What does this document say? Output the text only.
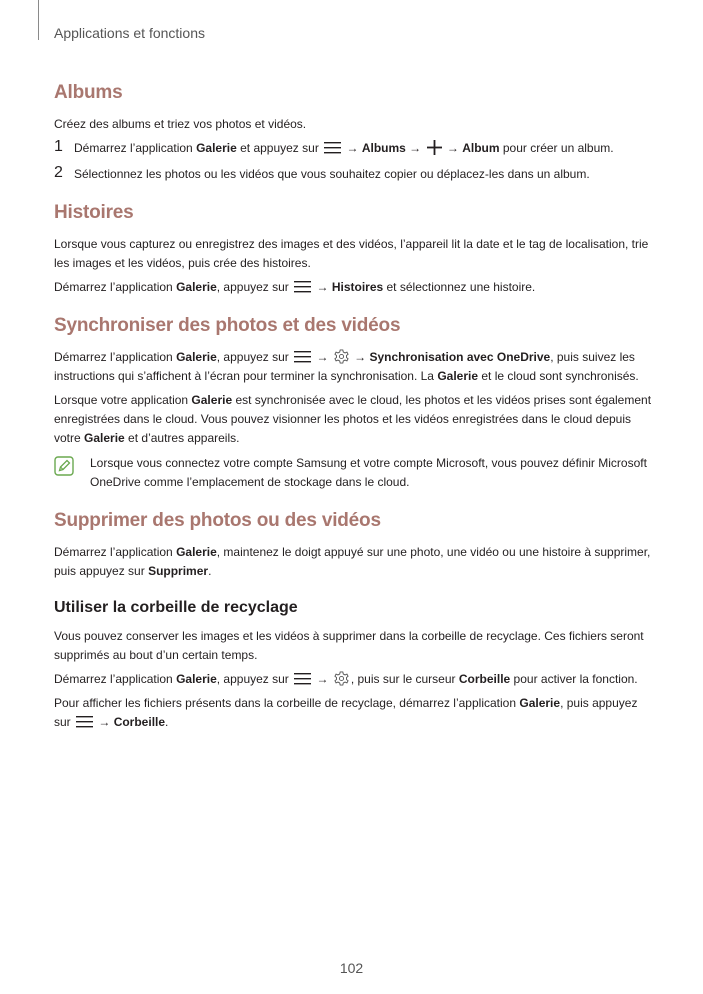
Applications et fonctions
Albums

Créez des albums et triez vos photos et vidéos.

1 Démarrez l’application Galerie et appuyez sur  → Albums →  → Album pour créer un album.
2 Sélectionnez les photos ou les vidéos que vous souhaitez copier ou déplacez-les dans un album.
Histoires

Lorsque vous capturez ou enregistrez des images et des vidéos, l’appareil lit la date et le tag de localisation, trie les images et les vidéos, puis crée des histoires.

Démarrez l’application Galerie, appuyez sur  → Histoires et sélectionnez une histoire.

Synchroniser des photos et des vidéos

Démarrez l’application Galerie, appuyez sur  →  → Synchronisation avec OneDrive, puis suivez les instructions qui s’affichent à l’écran pour terminer la synchronisation. La Galerie et le cloud sont synchronisés.

Lorsque votre application Galerie est synchronisée avec le cloud, les photos et les vidéos prises sont également enregistrées dans le cloud. Vous pouvez visionner les photos et les vidéos enregistrées dans le cloud depuis votre Galerie et d’autres appareils.

Lorsque vous connectez votre compte Samsung et votre compte Microsoft, vous pouvez définir Microsoft OneDrive comme l’emplacement de stockage dans le cloud.
Supprimer des photos ou des vidéos

Démarrez l’application Galerie, maintenez le doigt appuyé sur une photo, une vidéo ou une histoire à supprimer, puis appuyez sur Supprimer.

Utiliser la corbeille de recyclage

Vous pouvez conserver les images et les vidéos à supprimer dans la corbeille de recyclage. Ces fichiers seront supprimés au bout d’un certain temps.

Démarrez l’application Galerie, appuyez sur  → , puis sur le curseur Corbeille pour activer la fonction.

Pour afficher les fichiers présents dans la corbeille de recyclage, démarrez l’application Galerie, puis appuyez sur  → Corbeille.

102
